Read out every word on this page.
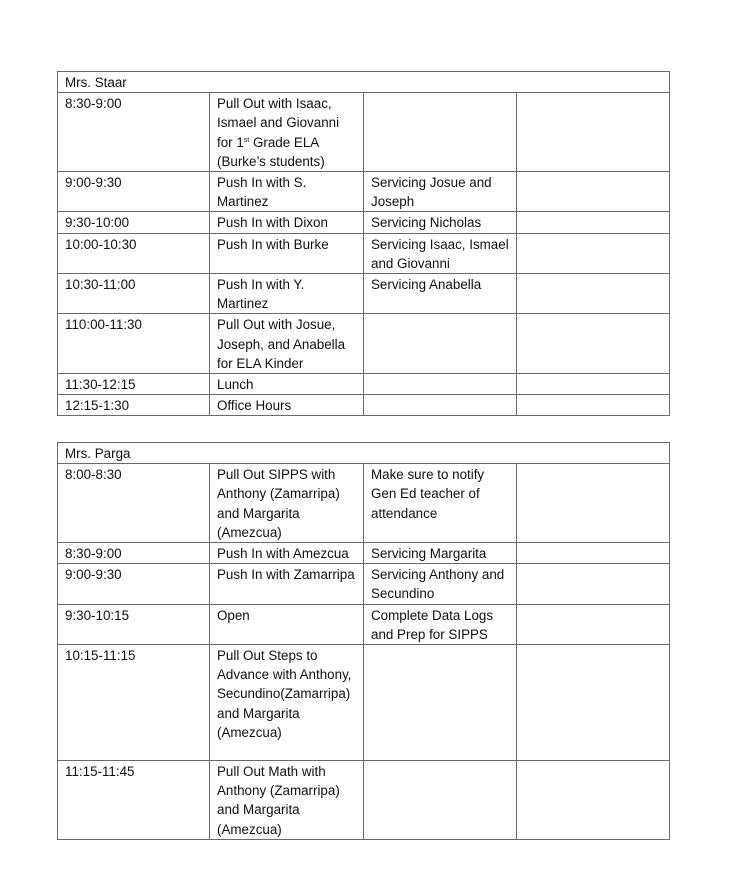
Mrs. Staar			
8:30-9:00	Pull Out with Isaac, Ismael and Giovanni for 1st Grade ELA (Burke’s students)		
9:00-9:30	Push In with S. Martinez	Servicing Josue and Joseph	
9:30-10:00	Push In with Dixon	Servicing Nicholas	
10:00-10:30	Push In with Burke	Servicing Isaac, Ismael and Giovanni	
10:30-11:00	Push In with Y. Martinez	Servicing Anabella	
110:00-11:30	Pull Out with Josue, Joseph, and Anabella for ELA Kinder		
11:30-12:15	Lunch		
12:15-1:30	Office Hours		
Mrs. Parga			
8:00-8:30	Pull Out SIPPS with Anthony (Zamarripa) and Margarita (Amezcua)	Make sure to notify Gen Ed teacher of attendance	
8:30-9:00	Push In with Amezcua	Servicing Margarita	
9:00-9:30	Push In with Zamarripa	Servicing Anthony and Secundino	
9:30-10:15	Open	Complete Data Logs and Prep for SIPPS	
10:15-11:15	Pull Out Steps to Advance with Anthony, Secundino(Zamarripa) and Margarita (Amezcua)		
11:15-11:45	Pull Out Math with Anthony (Zamarripa) and Margarita (Amezcua)		
